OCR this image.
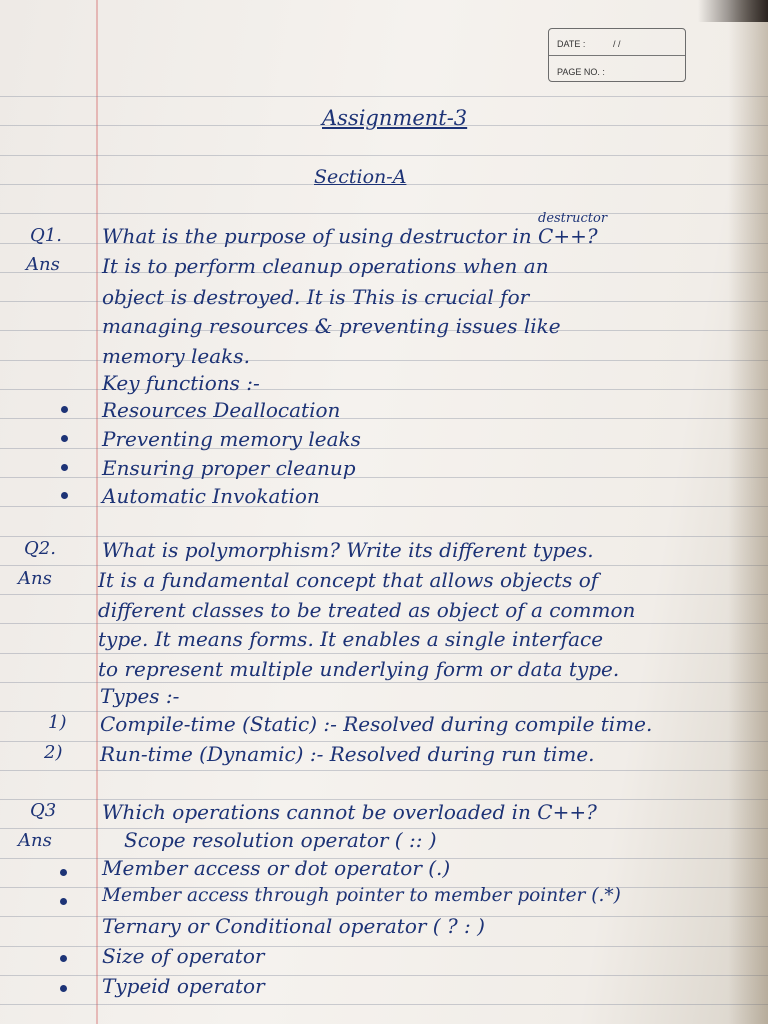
DATE :	/ /
PAGE NO. :
Assignment-3
Section-A
destructor
Q1. What is the purpose of using destructor in C++?
Ans It is to perform cleanup operations when an
object is destroyed. It is This is crucial for
managing resources & preventing issues like
memory leaks.
Key functions :-
Resources Deallocation
Preventing memory leaks
Ensuring proper cleanup
Automatic Invokation
Q2. What is polymorphism? Write its different types.
Ans It is a fundamental concept that allows objects of
different classes to be treated as object of a common
type. It means forms. It enables a single interface
to represent multiple underlying form or data type.
Types :-
1) Compile-time (Static) :- Resolved during compile time.
2) Run-time (Dynamic) :- Resolved during run time.
Q3 Which operations cannot be overloaded in C++?
Ans	Scope resolution operator ( :: )
Member access or dot operator (.)
Member access through pointer to member pointer (.*)
Ternary or Conditional operator ( ? : )
Size of operator
Typeid operator
